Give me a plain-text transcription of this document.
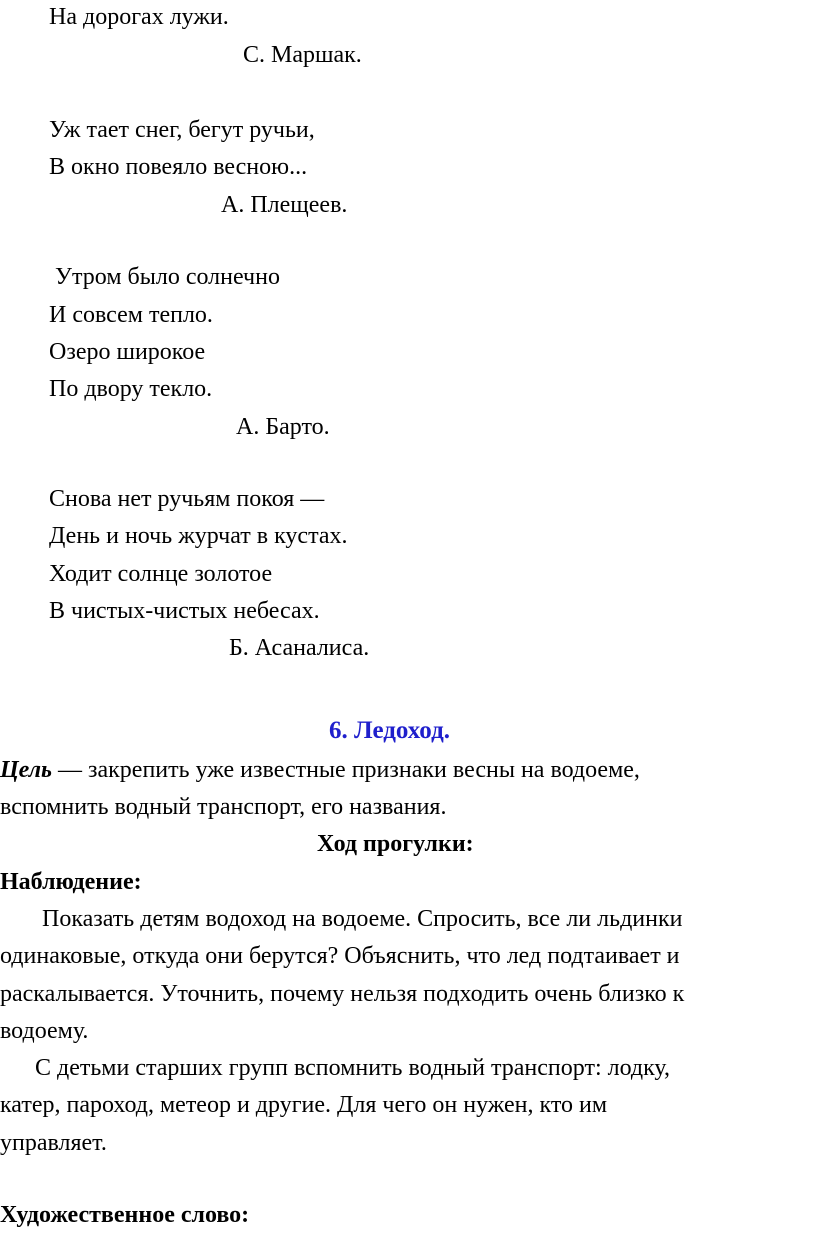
На дорогах лужи.
С. Маршак.
Уж тает снег, бегут ручьи,
В окно повеяло весною...
А. Плещеев.
Утром было солнечно
И совсем тепло.
Озеро широкое
По двору текло.
А. Барто.
Снова нет ручьям покоя —
День и ночь журчат в кустах.
Ходит солнце золотое
В чистых-чистых небесах.
Б. Асаналиса.
6. Ледоход.
Цель — закрепить уже известные признаки весны на водоеме,
вспомнить водный транспорт, его названия.
Ход прогулки:
Наблюдение:
Показать детям водоход на водоеме. Спросить, все ли льдинки
одинаковые, откуда они берутся? Объяснить, что лед подтаивает и
раскалывается. Уточнить, почему нельзя подходить очень близко к
водоему.
С детьми старших групп вспомнить водный транспорт: лодку,
катер, пароход, метеор и другие. Для чего он нужен, кто им
управляет.
Художественное слово:
